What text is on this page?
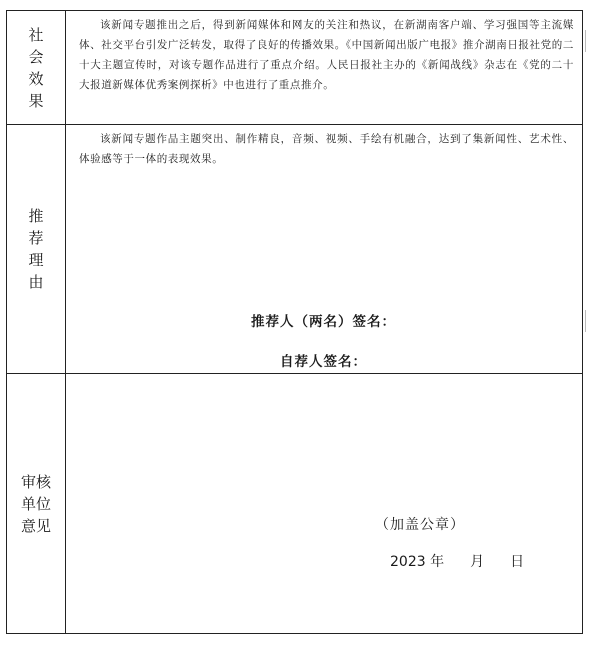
社会效果

该新闻专题推出之后，得到新闻媒体和网友的关注和热议，在新湖南客户端、学习强国等主流媒体、社交平台引发广泛转发，取得了良好的传播效果。《中国新闻出版广电报》推介湖南日报社党的二十大主题宣传时，对该专题作品进行了重点介绍。人民日报社主办的《新闻战线》杂志在《党的二十大报道新媒体优秀案例探析》中也进行了重点推介。

推荐理由

该新闻专题作品主题突出、制作精良，音频、视频、手绘有机融合，达到了集新闻性、艺术性、体验感等于一体的表现效果。

推荐人（两名）签名：
自荐人签名：
审核单位意见	（加盖公章）
2023 年 月 日
